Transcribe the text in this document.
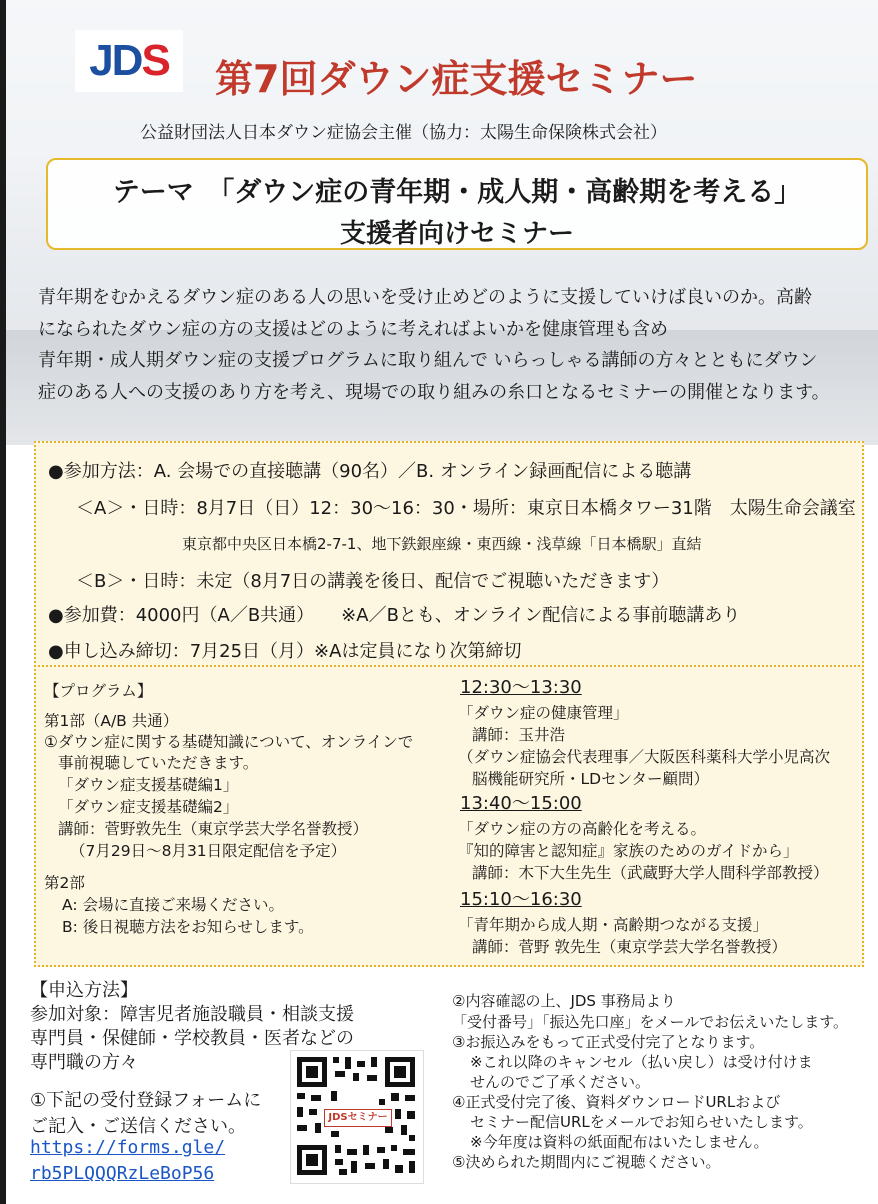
JDS 第7回ダウン症支援セミナー
公益財団法人日本ダウン症協会主催（協力：太陽生命保険株式会社）
テーマ　「ダウン症の青年期・成人期・高齢期を考える」
支援者向けセミナー

青年期をむかえるダウン症のある人の思いを受け止めどのように支援していけば良いのか。高齢

になられたダウン症の方の支援はどのように考えればよいかを健康管理も含め

青年期・成人期ダウン症の支援プログラムに取り組んで いらっしゃる講師の方々とともにダウン

症のある人への支援のあり方を考え、現場での取り組みの糸口となるセミナーの開催となります。

●参加方法：A. 会場での直接聴講（90名）／B. オンライン録画配信による聴講
＜A＞・日時：8月7日（日）12：30～16：30・場所：東京日本橋タワー31階　太陽生命会議室
東京都中央区日本橋2-7-1、地下鉄銀座線・東西線・浅草線「日本橋駅」直結
＜B＞・日時：未定（8月7日の講義を後日、配信でご視聴いただきます）
●参加費：4000円（A／B共通）　　※A／Bとも、オンライン配信による事前聴講あり
●申し込み締切：7月25日（月）※Aは定員になり次第締切
【プログラム】
第1部（A/B 共通）
①ダウン症に関する基礎知識について、オンラインで
事前視聴していただきます。
「ダウン症支援基礎編1」
「ダウン症支援基礎編2」
講師：菅野敦先生（東京学芸大学名誉教授）
（7月29日～8月31日限定配信を予定）
第2部
A: 会場に直接ご来場ください。
B: 後日視聴方法をお知らせします。
12:30～13:30
「ダウン症の健康管理」
講師：玉井浩
（ダウン症協会代表理事／大阪医科薬科大学小児高次
脳機能研究所・LDセンター顧問）
13:40～15:00
「ダウン症の方の高齢化を考える。
『知的障害と認知症』家族のためのガイドから」
講師：木下大生先生（武蔵野大学人間科学部教授）
15:10～16:30
「青年期から成人期・高齢期つながる支援」
講師：菅野 敦先生（東京学芸大学名誉教授）
【申込方法】
参加対象：障害児者施設職員・相談支援
専門員・保健師・学校教員・医者などの
専門職の方々
①下記の受付登録フォームに
ご記入・ご送信ください。
https://forms.gle/
rb5PLQQQRzLeBoP56
JDSセミナー
②内容確認の上、JDS 事務局より
「受付番号」「振込先口座」をメールでお伝えいたします。
③お振込みをもって正式受付完了となります。
※これ以降のキャンセル（払い戻し）は受け付けま
せんのでご了承ください。
④正式受付完了後、資料ダウンロードURLおよび
セミナー配信URLをメールでお知らせいたします。
※今年度は資料の紙面配布はいたしません。
⑤決められた期間内にご視聴ください。
